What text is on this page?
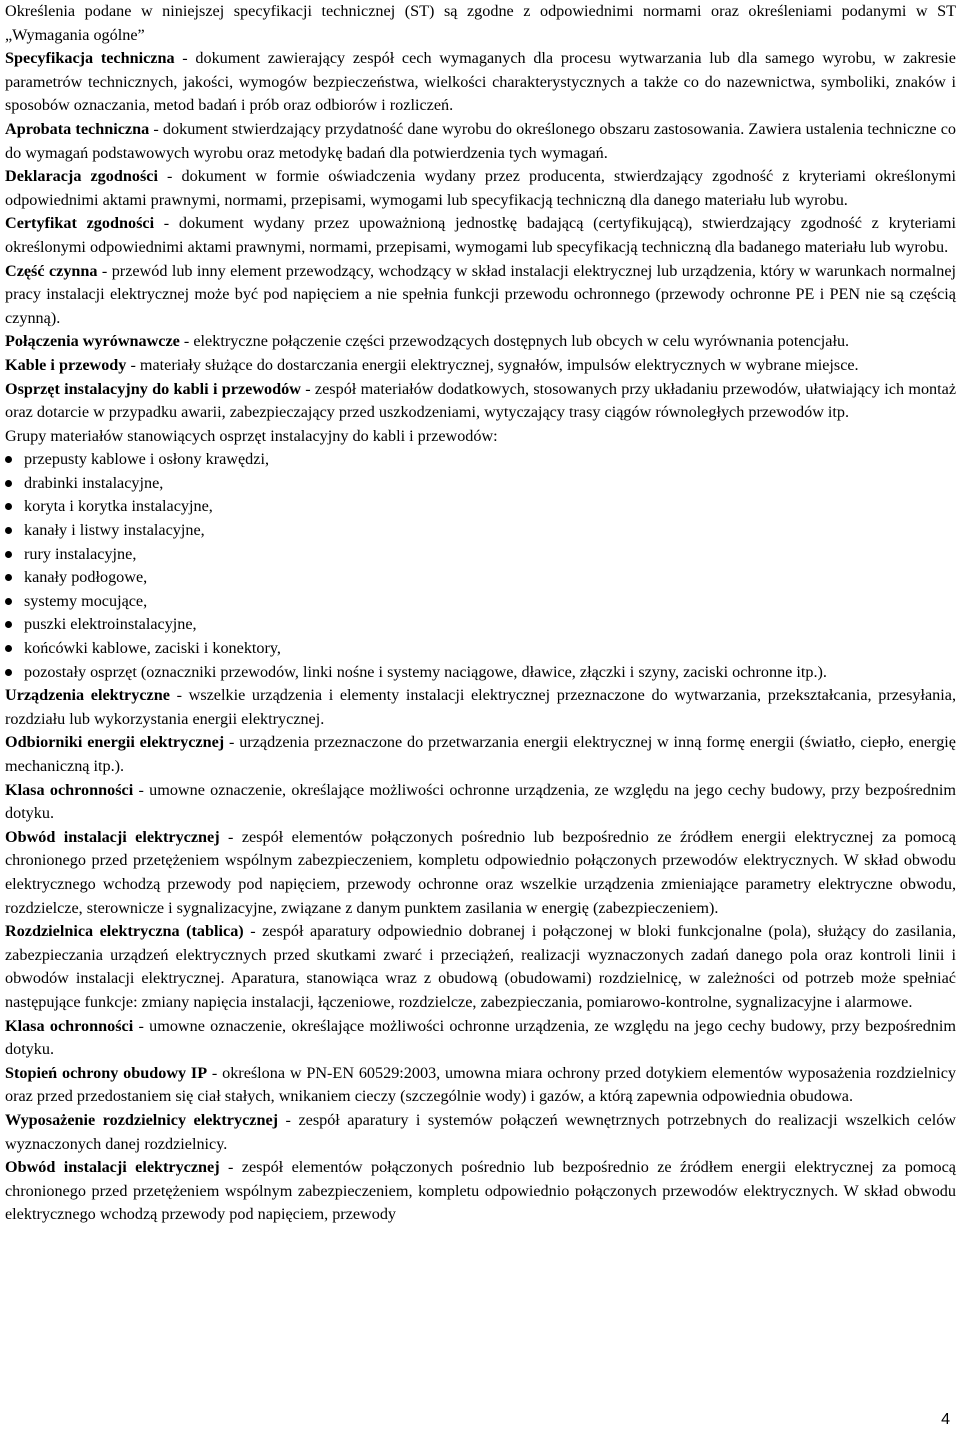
Określenia podane w niniejszej specyfikacji technicznej (ST) są zgodne z odpowiednimi normami oraz określeniami podanymi w ST „Wymagania ogólne”

Specyfikacja techniczna - dokument zawierający zespół cech wymaganych dla procesu wytwarzania lub dla samego wyrobu, w zakresie parametrów technicznych, jakości, wymogów bezpieczeństwa, wielkości charakterystycznych a także co do nazewnictwa, symboliki, znaków i sposobów oznaczania, metod badań i prób oraz odbiorów i rozliczeń.

Aprobata techniczna - dokument stwierdzający przydatność dane wyrobu do określonego obszaru zastosowania. Zawiera ustalenia techniczne co do wymagań podstawowych wyrobu oraz metodykę badań dla potwierdzenia tych wymagań.

Deklaracja zgodności - dokument w formie oświadczenia wydany przez producenta, stwierdzający zgodność z kryteriami określonymi odpowiednimi aktami prawnymi, normami, przepisami, wymogami lub specyfikacją techniczną dla danego materiału lub wyrobu.

Certyfikat zgodności - dokument wydany przez upoważnioną jednostkę badającą (certyfikującą), stwierdzający zgodność z kryteriami określonymi odpowiednimi aktami prawnymi, normami, przepisami, wymogami lub specyfikacją techniczną dla badanego materiału lub wyrobu.

Część czynna - przewód lub inny element przewodzący, wchodzący w skład instalacji elektrycznej lub urządzenia, który w warunkach normalnej pracy instalacji elektrycznej może być pod napięciem a nie spełnia funkcji przewodu ochronnego (przewody ochronne PE i PEN nie są częścią czynną).

Połączenia wyrównawcze - elektryczne połączenie części przewodzących dostępnych lub obcych w celu wyrównania potencjału.

Kable i przewody - materiały służące do dostarczania energii elektrycznej, sygnałów, impulsów elektrycznych w wybrane miejsce.

Osprzęt instalacyjny do kabli i przewodów - zespół materiałów dodatkowych, stosowanych przy układaniu przewodów, ułatwiający ich montaż oraz dotarcie w przypadku awarii, zabezpieczający przed uszkodzeniami, wytyczający trasy ciągów równoległych przewodów itp.

Grupy materiałów stanowiących osprzęt instalacyjny do kabli i przewodów:

przepusty kablowe i osłony krawędzi,
drabinki instalacyjne,
koryta i korytka instalacyjne,
kanały i listwy instalacyjne,
rury instalacyjne,
kanały podłogowe,
systemy mocujące,
puszki elektroinstalacyjne,
końcówki kablowe, zaciski i konektory,
pozostały osprzęt (oznaczniki przewodów, linki nośne i systemy naciągowe, dławice, złączki i szyny, zaciski ochronne itp.).

Urządzenia elektryczne - wszelkie urządzenia i elementy instalacji elektrycznej przeznaczone do wytwarzania, przekształcania, przesyłania, rozdziału lub wykorzystania energii elektrycznej.

Odbiorniki energii elektrycznej - urządzenia przeznaczone do przetwarzania energii elektrycznej w inną formę energii (światło, ciepło, energię mechaniczną itp.).

Klasa ochronności - umowne oznaczenie, określające możliwości ochronne urządzenia, ze względu na jego cechy budowy, przy bezpośrednim dotyku.

Obwód instalacji elektrycznej - zespół elementów połączonych pośrednio lub bezpośrednio ze źródłem energii elektrycznej za pomocą chronionego przed przetężeniem wspólnym zabezpieczeniem, kompletu odpowiednio połączonych przewodów elektrycznych. W skład obwodu elektrycznego wchodzą przewody pod napięciem, przewody ochronne oraz wszelkie urządzenia zmieniające parametry elektryczne obwodu, rozdzielcze, sterownicze i sygnalizacyjne, związane z danym punktem zasilania w energię (zabezpieczeniem).

Rozdzielnica elektryczna (tablica) - zespół aparatury odpowiednio dobranej i połączonej w bloki funkcjonalne (pola), służący do zasilania, zabezpieczania urządzeń elektrycznych przed skutkami zwarć i przeciążeń, realizacji wyznaczonych zadań danego pola oraz kontroli linii i obwodów instalacji elektrycznej. Aparatura, stanowiąca wraz z obudową (obudowami) rozdzielnicę, w zależności od potrzeb może spełniać następujące funkcje: zmiany napięcia instalacji, łączeniowe, rozdzielcze, zabezpieczania, pomiarowo-kontrolne, sygnalizacyjne i alarmowe.

Klasa ochronności - umowne oznaczenie, określające możliwości ochronne urządzenia, ze względu na jego cechy budowy, przy bezpośrednim dotyku.

Stopień ochrony obudowy IP - określona w PN-EN 60529:2003, umowna miara ochrony przed dotykiem elementów wyposażenia rozdzielnicy oraz przed przedostaniem się ciał stałych, wnikaniem cieczy (szczególnie wody) i gazów, a którą zapewnia odpowiednia obudowa.

Wyposażenie rozdzielnicy elektrycznej - zespół aparatury i systemów połączeń wewnętrznych potrzebnych do realizacji wszelkich celów wyznaczonych danej rozdzielnicy.

Obwód instalacji elektrycznej - zespół elementów połączonych pośrednio lub bezpośrednio ze źródłem energii elektrycznej za pomocą chronionego przed przetężeniem wspólnym zabezpieczeniem, kompletu odpowiednio połączonych przewodów elektrycznych. W skład obwodu elektrycznego wchodzą przewody pod napięciem, przewody

4
